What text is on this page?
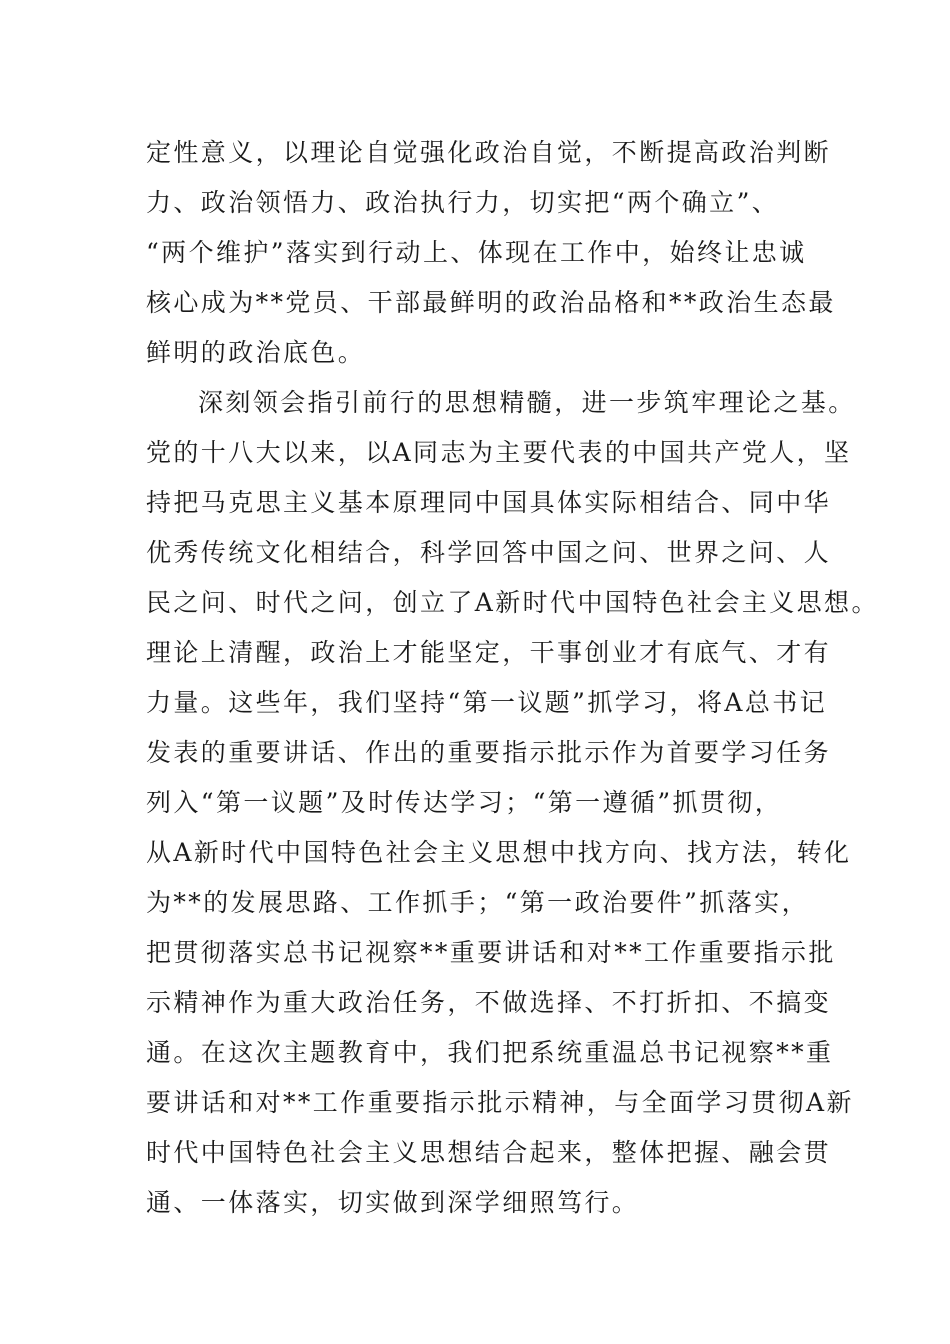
定性意义，以理论自觉强化政治自觉，不断提高政治判断
力、政治领悟力、政治执行力，切实把“两个确立”、
“两个维护”落实到行动上、体现在工作中，始终让忠诚
核心成为**党员、干部最鲜明的政治品格和**政治生态最
鲜明的政治底色。
深刻领会指引前行的思想精髓，进一步筑牢理论之基。
党的十八大以来，以A同志为主要代表的中国共产党人，坚
持把马克思主义基本原理同中国具体实际相结合、同中华
优秀传统文化相结合，科学回答中国之问、世界之问、人
民之问、时代之问，创立了A新时代中国特色社会主义思想。
理论上清醒，政治上才能坚定，干事创业才有底气、才有
力量。这些年，我们坚持“第一议题”抓学习，将A总书记
发表的重要讲话、作出的重要指示批示作为首要学习任务
列入“第一议题”及时传达学习；“第一遵循”抓贯彻，
从A新时代中国特色社会主义思想中找方向、找方法，转化
为**的发展思路、工作抓手；“第一政治要件”抓落实，
把贯彻落实总书记视察**重要讲话和对**工作重要指示批
示精神作为重大政治任务，不做选择、不打折扣、不搞变
通。在这次主题教育中，我们把系统重温总书记视察**重
要讲话和对**工作重要指示批示精神，与全面学习贯彻A新
时代中国特色社会主义思想结合起来，整体把握、融会贯
通、一体落实，切实做到深学细照笃行。
